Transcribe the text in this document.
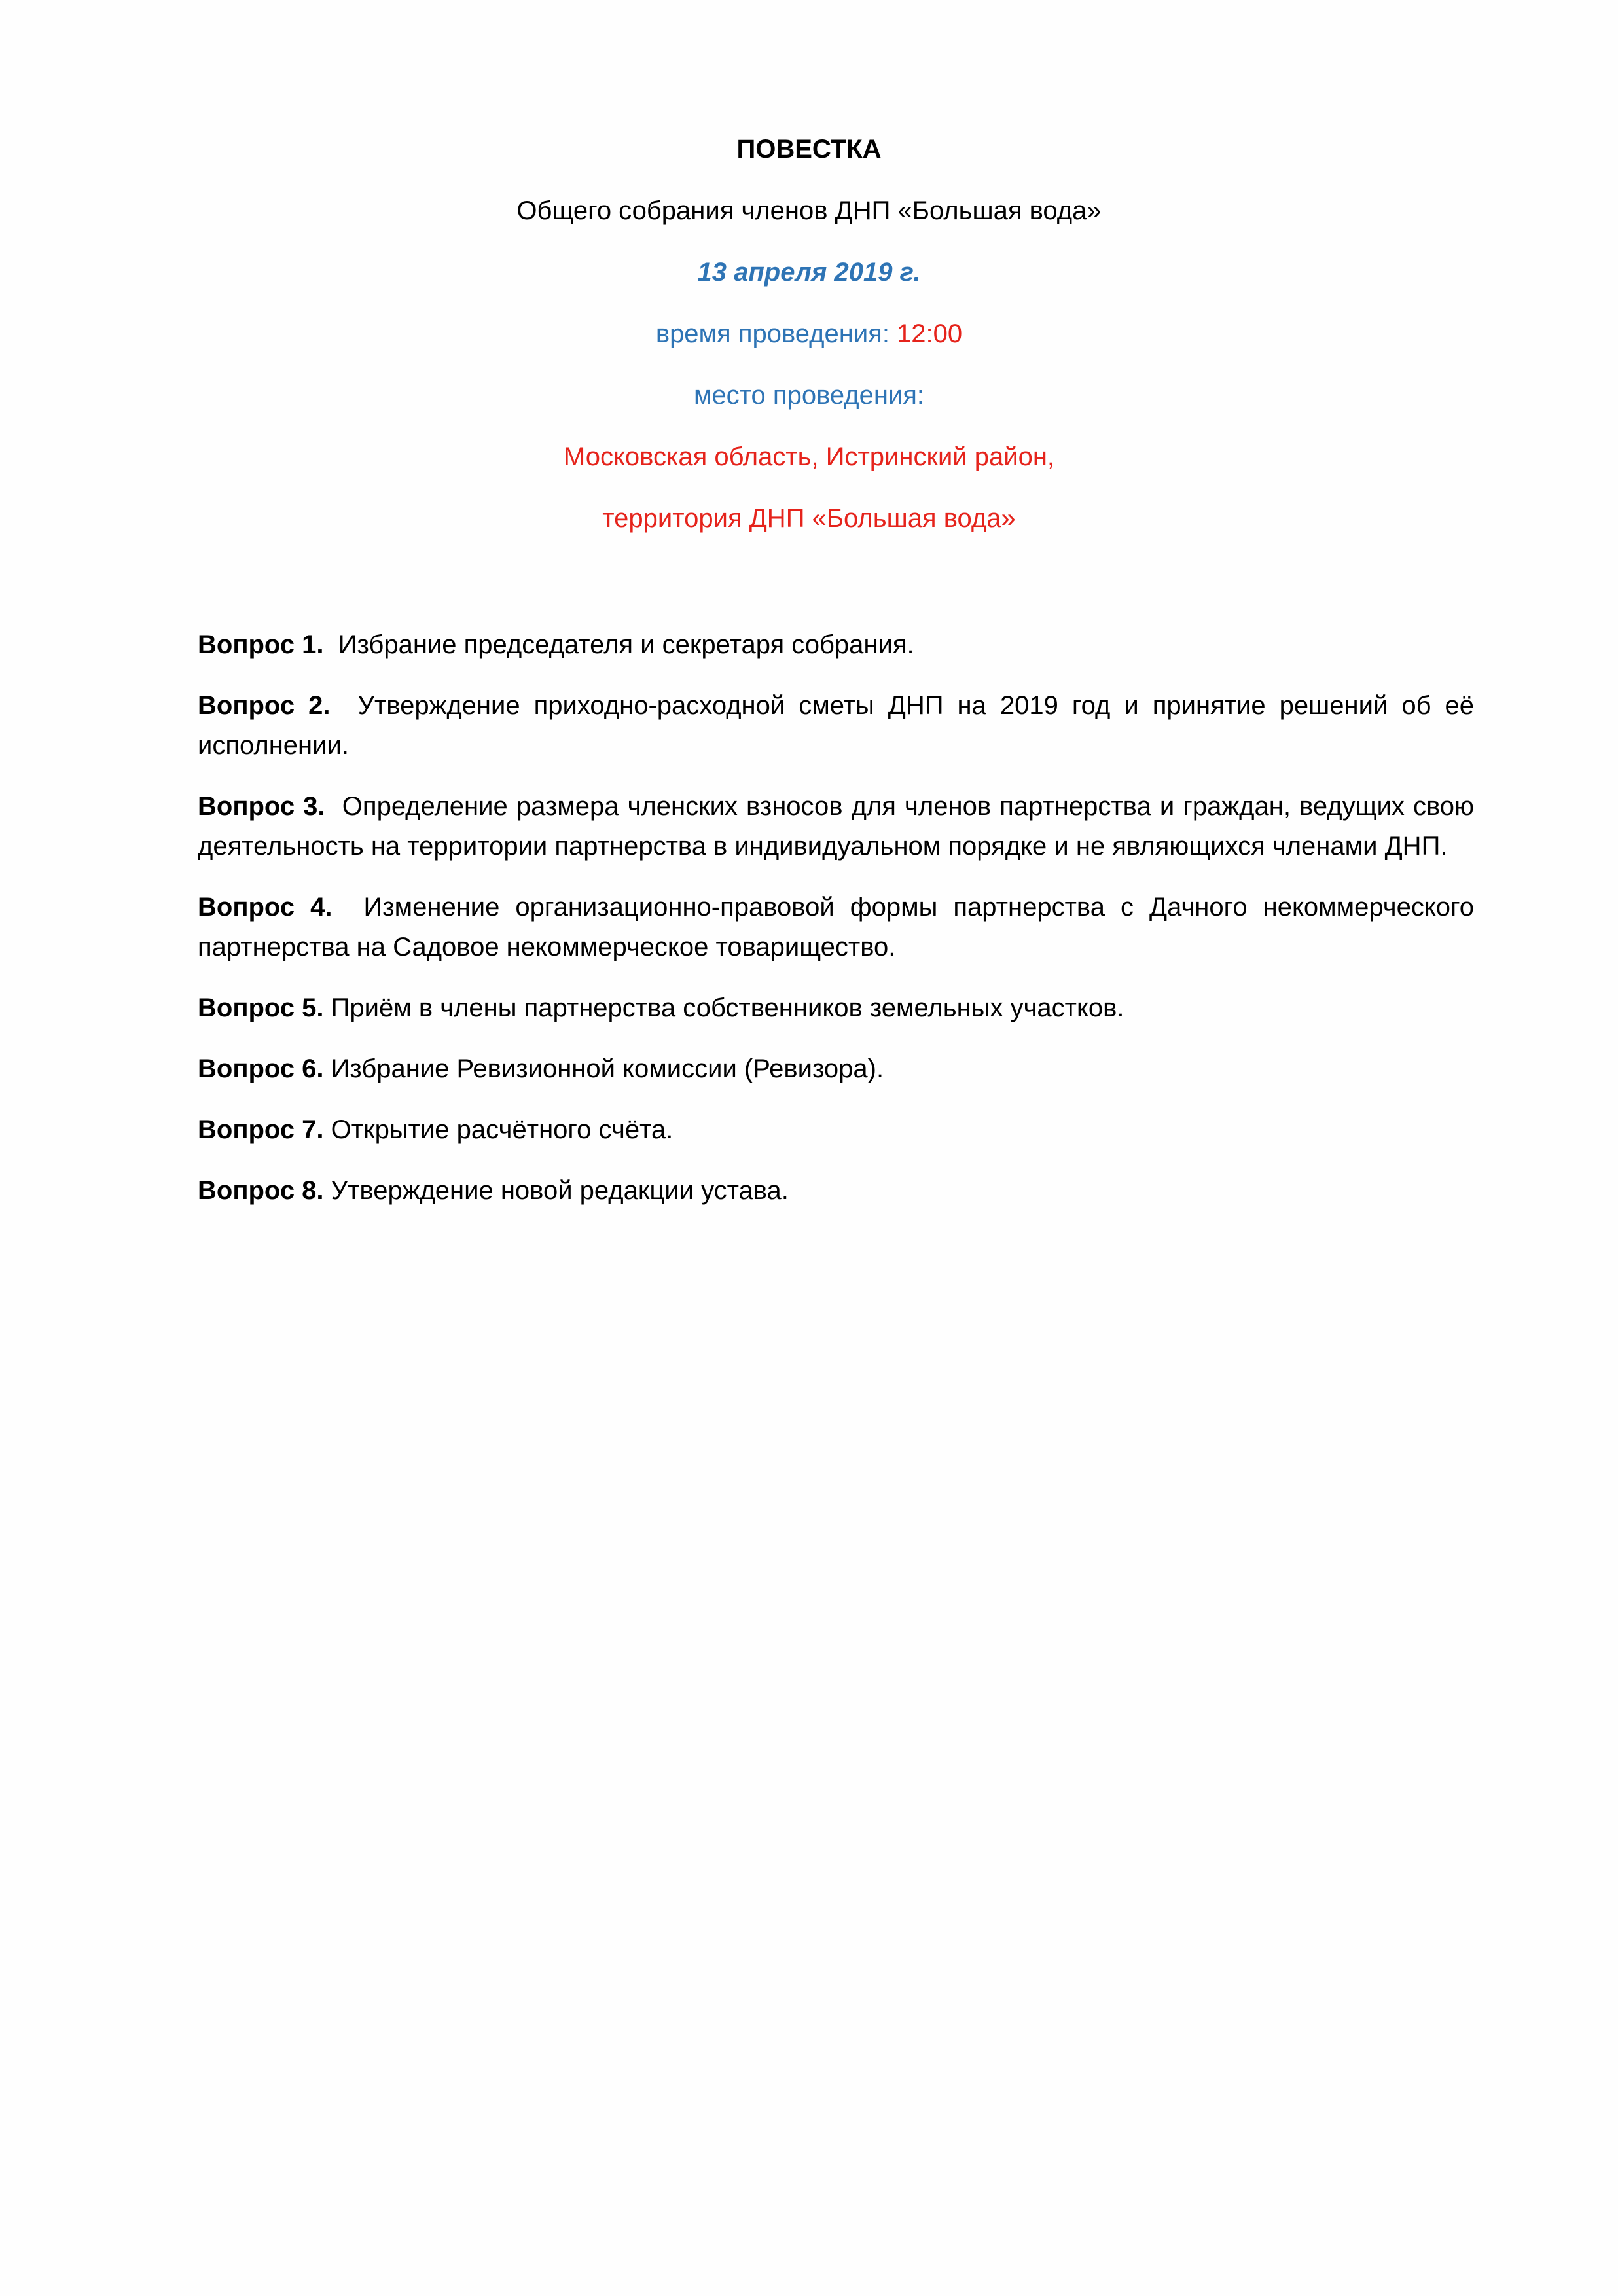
ПОВЕСТКА
Общего собрания членов ДНП «Большая вода»
13 апреля 2019 г.
время проведения: 12:00
место проведения:
Московская область, Истринский район,
территория ДНП «Большая вода»

Вопрос 1. Избрание председателя и секретаря собрания.

Вопрос 2. Утверждение приходно-расходной сметы ДНП на 2019 год и принятие решений об её исполнении.

Вопрос 3. Определение размера членских взносов для членов партнерства и граждан, ведущих свою деятельность на территории партнерства в индивидуальном порядке и не являющихся членами ДНП.

Вопрос 4. Изменение организационно-правовой формы партнерства с Дачного некоммерческого партнерства на Садовое некоммерческое товарищество.

Вопрос 5. Приём в члены партнерства собственников земельных участков.

Вопрос 6. Избрание Ревизионной комиссии (Ревизора).

Вопрос 7. Открытие расчётного счёта.

Вопрос 8. Утверждение новой редакции устава.
